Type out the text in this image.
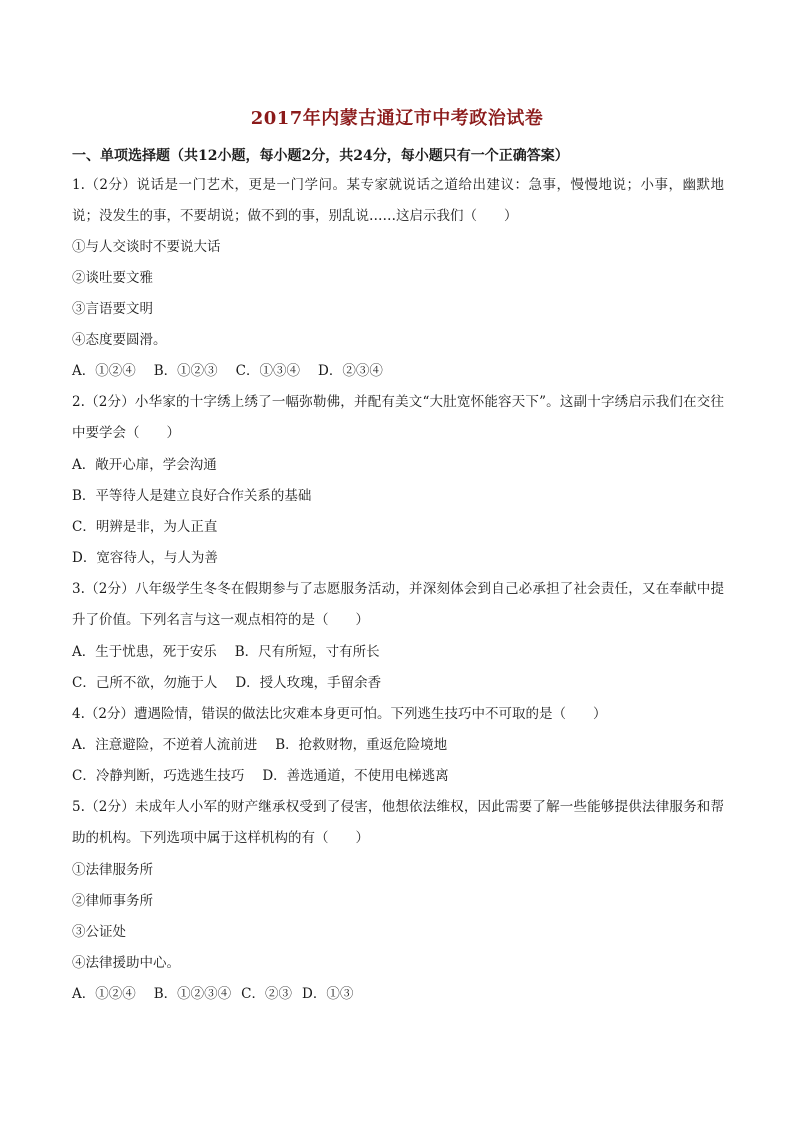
2017年内蒙古通辽市中考政治试卷
一、单项选择题（共12小题，每小题2分，共24分，每小题只有一个正确答案）
1.（2分）说话是一门艺术，更是一门学问。某专家就说话之道给出建议：急事，慢慢地说；小事，幽默地说；没发生的事，不要胡说；做不到的事，别乱说……这启示我们（　　）
①与人交谈时不要说大话
②谈吐要文雅
③言语要文明
④态度要圆滑。
A．①②④ B．①②③ C．①③④ D．②③④
2.（2分）小华家的十字绣上绣了一幅弥勒佛，并配有美文“大肚宽怀能容天下”。这副十字绣启示我们在交往中要学会（　　）
A．敞开心扉，学会沟通
B．平等待人是建立良好合作关系的基础
C．明辨是非，为人正直
D．宽容待人，与人为善
3.（2分）八年级学生冬冬在假期参与了志愿服务活动，并深刻体会到自己必承担了社会责任，又在奉献中提升了价值。下列名言与这一观点相符的是（　　）
A．生于忧患，死于安乐 B．尺有所短，寸有所长
C．己所不欲，勿施于人 D．授人玫瑰，手留余香
4.（2分）遭遇险情，错误的做法比灾难本身更可怕。下列逃生技巧中不可取的是（　　）
A．注意避险，不逆着人流前进 B．抢救财物，重返危险境地
C．冷静判断，巧选逃生技巧 D．善选通道，不使用电梯逃离
5.（2分）未成年人小军的财产继承权受到了侵害，他想依法维权，因此需要了解一些能够提供法律服务和帮助的机构。下列选项中属于这样机构的有（　　）
①法律服务所
②律师事务所
③公证处
④法律援助中心。
A．①②④ B．①②③④ C．②③ D．①③
